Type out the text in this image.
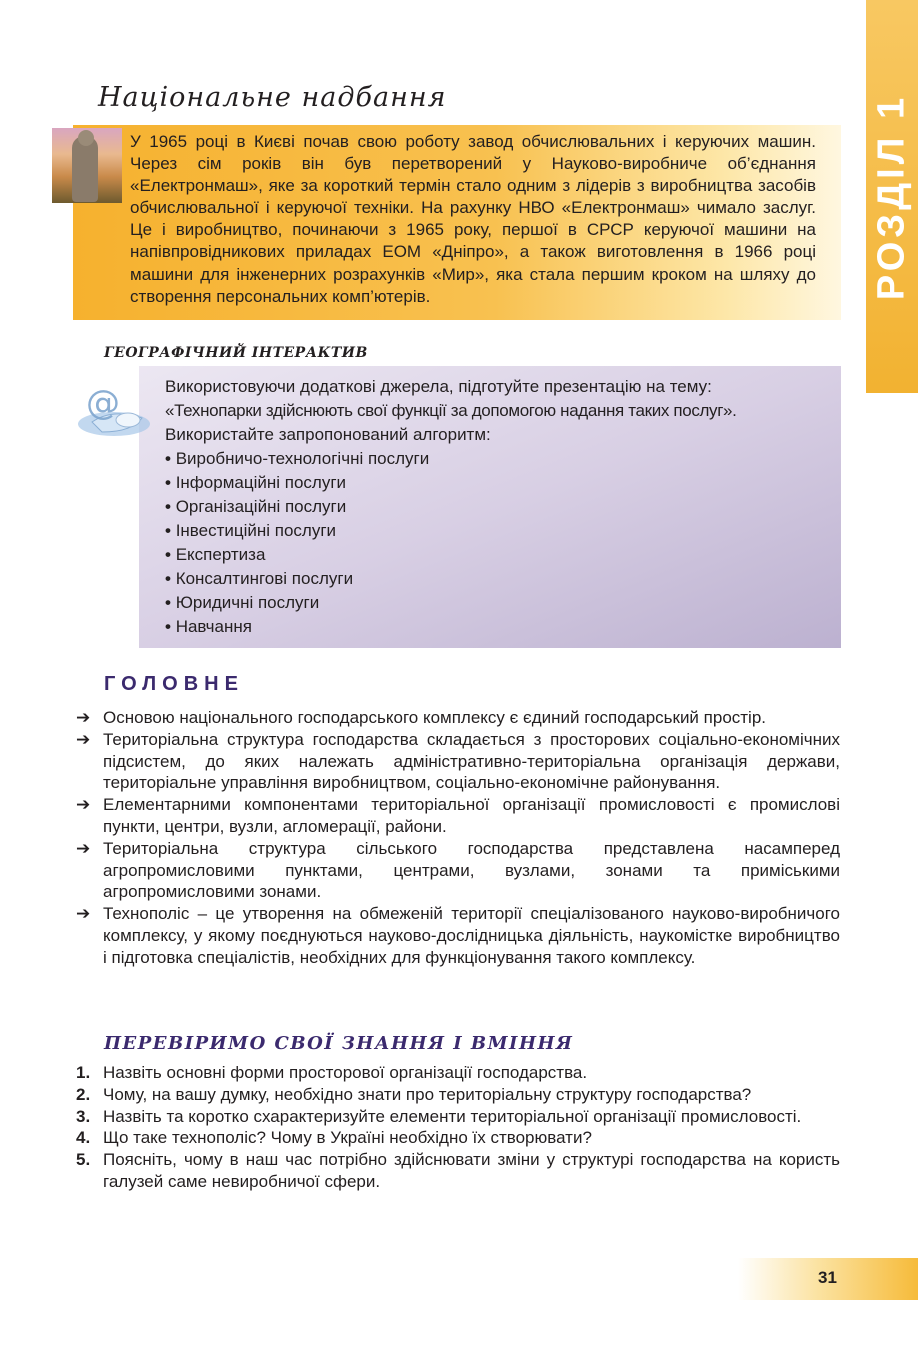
РОЗДІЛ 1
Національне надбання
У 1965 році в Києві почав свою роботу завод обчислювальних і керуючих машин. Через сім років він був перетворений у Науково-виробниче об’єднання «Електронмаш», яке за короткий термін стало одним з лідерів з виробництва засобів обчислювальної і керуючої техніки. На рахунку НВО «Електронмаш» чимало заслуг. Це і виробництво, починаючи з 1965 року, першої в СРСР керуючої машини на напівпровідникових приладах ЕОМ «Дніпро», а також виготовлення в 1966 році машини для інженерних розрахунків «Мир», яка стала першим кроком на шляху до створення персональних комп’ютерів.
ГЕОГРАФІЧНИЙ ІНТЕРАКТИВ
@	Використовуючи додаткові джерела, підготуйте презентацію на тему:

«Технопарки здійснюють свої функції за допомогою надання таких послуг».

Використайте запропонований алгоритм:

• Виробничо-технологічні послуги
• Інформаційні послуги
• Організаційні послуги
• Інвестиційні послуги
• Експертиза
• Консалтингові послуги
• Юридичні послуги
• Навчання
ГОЛОВНЕ
➔ Основою національного господарського комплексу є єдиний господарський простір.
➔ Територіальна структура господарства складається з просторових соціально-економічних підсистем, до яких належать адміністративно-територіальна організація держави, територіальне управління виробництвом, соціально-економічне районування.
➔ Елементарними компонентами територіальної організації промисловості є промислові пункти, центри, вузли, агломерації, райони.
➔ Територіальна структура сільського господарства представлена насамперед агропромисловими пунктами, центрами, вузлами, зонами та приміськими агропромисловими зонами.
➔ Технополіс – це утворення на обмеженій території спеціалізованого науково-виробничого комплексу, у якому поєднуються науково-дослідницька діяльність, наукомістке виробництво і підготовка спеціалістів, необхідних для функціонування такого комплексу.
ПЕРЕВІРИМО СВОЇ ЗНАННЯ І ВМІННЯ
1. Назвіть основні форми просторової організації господарства.
2. Чому, на вашу думку, необхідно знати про територіальну структуру господарства?
3. Назвіть та коротко схарактеризуйте елементи територіальної організації промисловості.
4. Що таке технополіс? Чому в Україні необхідно їх створювати?
5. Поясніть, чому в наш час потрібно здійснювати зміни у структурі господарства на користь галузей саме невиробничої сфери.
31
